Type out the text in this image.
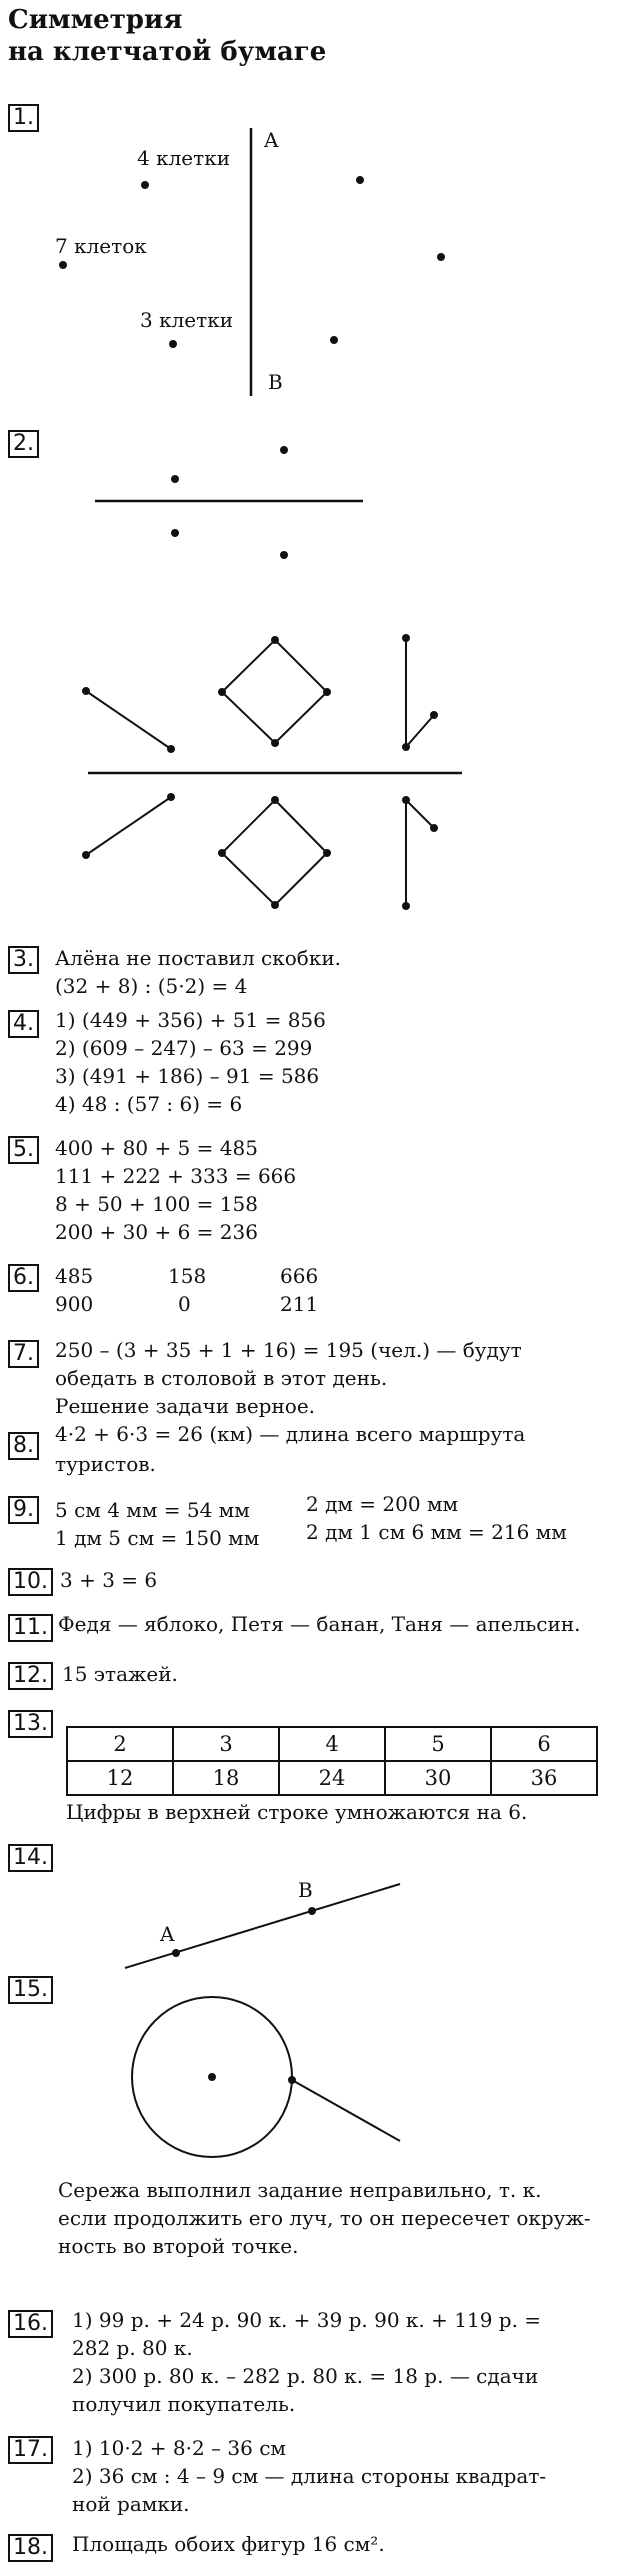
Симметрия
на клетчатой бумаге
1.
A
B
4 клетки
7 клеток
3 клетки
2.
3. Алёна не поставил скобки.
(32 + 8) : (5·2) = 4
4. 1) (449 + 356) + 51 = 856
2) (609 – 247) – 63 = 299
3) (491 + 186) – 91 = 586
4) 48 : (57 : 6) = 6
5. 400 + 80 + 5 = 485
111 + 222 + 333 = 666
8 + 50 + 100 = 158
200 + 30 + 6 = 236
6. 485	158	666
900	0	211
7. 250 – (3 + 35 + 1 + 16) = 195 (чел.) — будут
обедать в столовой в этот день.
Решение задачи верное.
8. 4·2 + 6·3 = 26 (км) — длина всего маршрута
туристов.
9. 5 см 4 мм = 54 мм
1 дм 5 см = 150 мм
2 дм = 200 мм
2 дм 1 см 6 мм = 216 мм
10. 3 + 3 = 6
11. Федя — яблоко, Петя — банан, Таня — апельсин.
12. 15 этажей.
13.
2	3	4	5	6
12	18	24	30	36
Цифры в верхней строке умножаются на 6.
14.
A
B
15.
Сережа выполнил задание неправильно, т. к.
если продолжить его луч, то он пересечет окруж-
ность во второй точке.
16. 1) 99 р. + 24 р. 90 к. + 39 р. 90 к. + 119 р. =
282 р. 80 к.
2) 300 р. 80 к. – 282 р. 80 к. = 18 р. — сдачи
получил покупатель.
17. 1) 10·2 + 8·2 – 36 см
2) 36 см : 4 – 9 см — длина стороны квадрат-
ной рамки.
18. Площадь обоих фигур 16 см².
